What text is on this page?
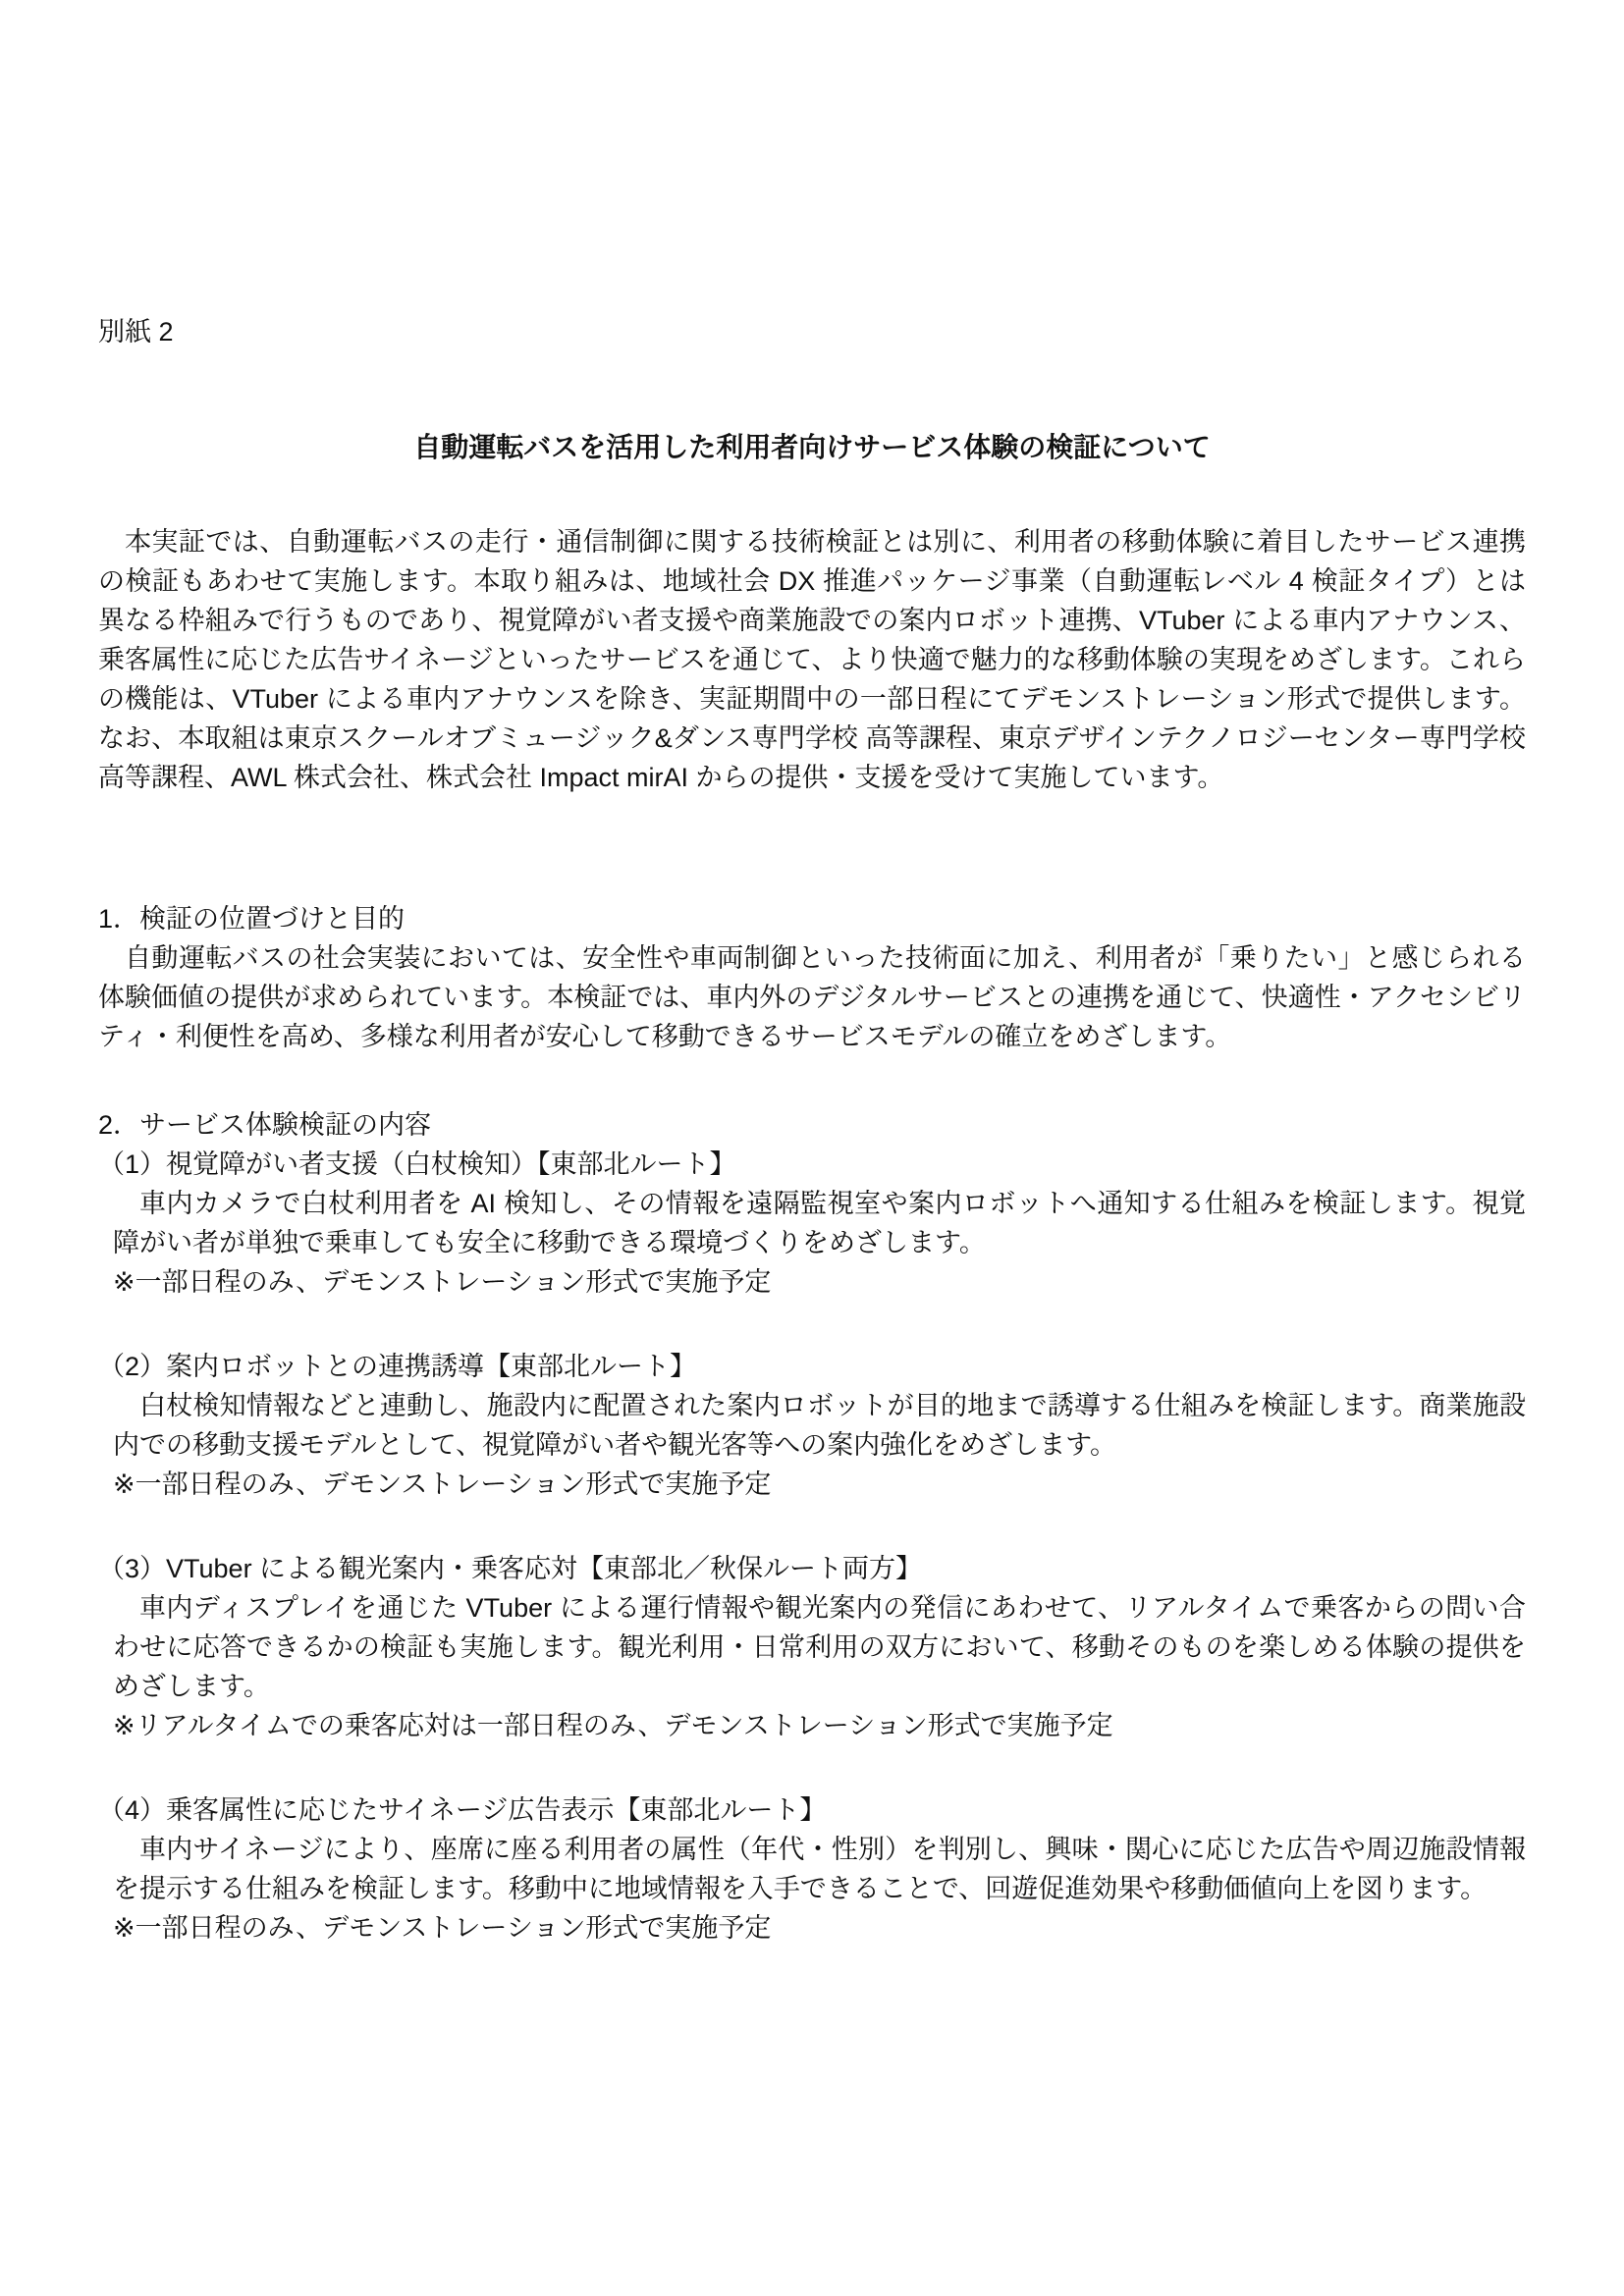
別紙 2
自動運転バスを活用した利用者向けサービス体験の検証について

本実証では、自動運転バスの走行・通信制御に関する技術検証とは別に、利用者の移動体験に着目したサービス連携の検証もあわせて実施します。本取り組みは、地域社会 DX 推進パッケージ事業（自動運転レベル 4 検証タイプ）とは異なる枠組みで行うものであり、視覚障がい者支援や商業施設での案内ロボット連携、VTuber による車内アナウンス、乗客属性に応じた広告サイネージといったサービスを通じて、より快適で魅力的な移動体験の実現をめざします。これらの機能は、VTuber による車内アナウンスを除き、実証期間中の一部日程にてデモンストレーション形式で提供します。なお、本取組は東京スクールオブミュージック&ダンス専門学校 高等課程、東京デザインテクノロジーセンター専門学校 高等課程、AWL 株式会社、株式会社 Impact mirAI からの提供・支援を受けて実施しています。

1．検証の位置づけと目的

自動運転バスの社会実装においては、安全性や車両制御といった技術面に加え、利用者が「乗りたい」と感じられる体験価値の提供が求められています。本検証では、車内外のデジタルサービスとの連携を通じて、快適性・アクセシビリティ・利便性を高め、多様な利用者が安心して移動できるサービスモデルの確立をめざします。

2．サービス体験検証の内容
（1）視覚障がい者支援（白杖検知）【東部北ルート】

車内カメラで白杖利用者を AI 検知し、その情報を遠隔監視室や案内ロボットへ通知する仕組みを検証します。視覚障がい者が単独で乗車しても安全に移動できる環境づくりをめざします。

※一部日程のみ、デモンストレーション形式で実施予定
（2）案内ロボットとの連携誘導【東部北ルート】

白杖検知情報などと連動し、施設内に配置された案内ロボットが目的地まで誘導する仕組みを検証します。商業施設内での移動支援モデルとして、視覚障がい者や観光客等への案内強化をめざします。

※一部日程のみ、デモンストレーション形式で実施予定
（3）VTuber による観光案内・乗客応対【東部北／秋保ルート両方】

車内ディスプレイを通じた VTuber による運行情報や観光案内の発信にあわせて、リアルタイムで乗客からの問い合わせに応答できるかの検証も実施します。観光利用・日常利用の双方において、移動そのものを楽しめる体験の提供をめざします。

※リアルタイムでの乗客応対は一部日程のみ、デモンストレーション形式で実施予定
（4）乗客属性に応じたサイネージ広告表示【東部北ルート】

車内サイネージにより、座席に座る利用者の属性（年代・性別）を判別し、興味・関心に応じた広告や周辺施設情報を提示する仕組みを検証します。移動中に地域情報を入手できることで、回遊促進効果や移動価値向上を図ります。

※一部日程のみ、デモンストレーション形式で実施予定
